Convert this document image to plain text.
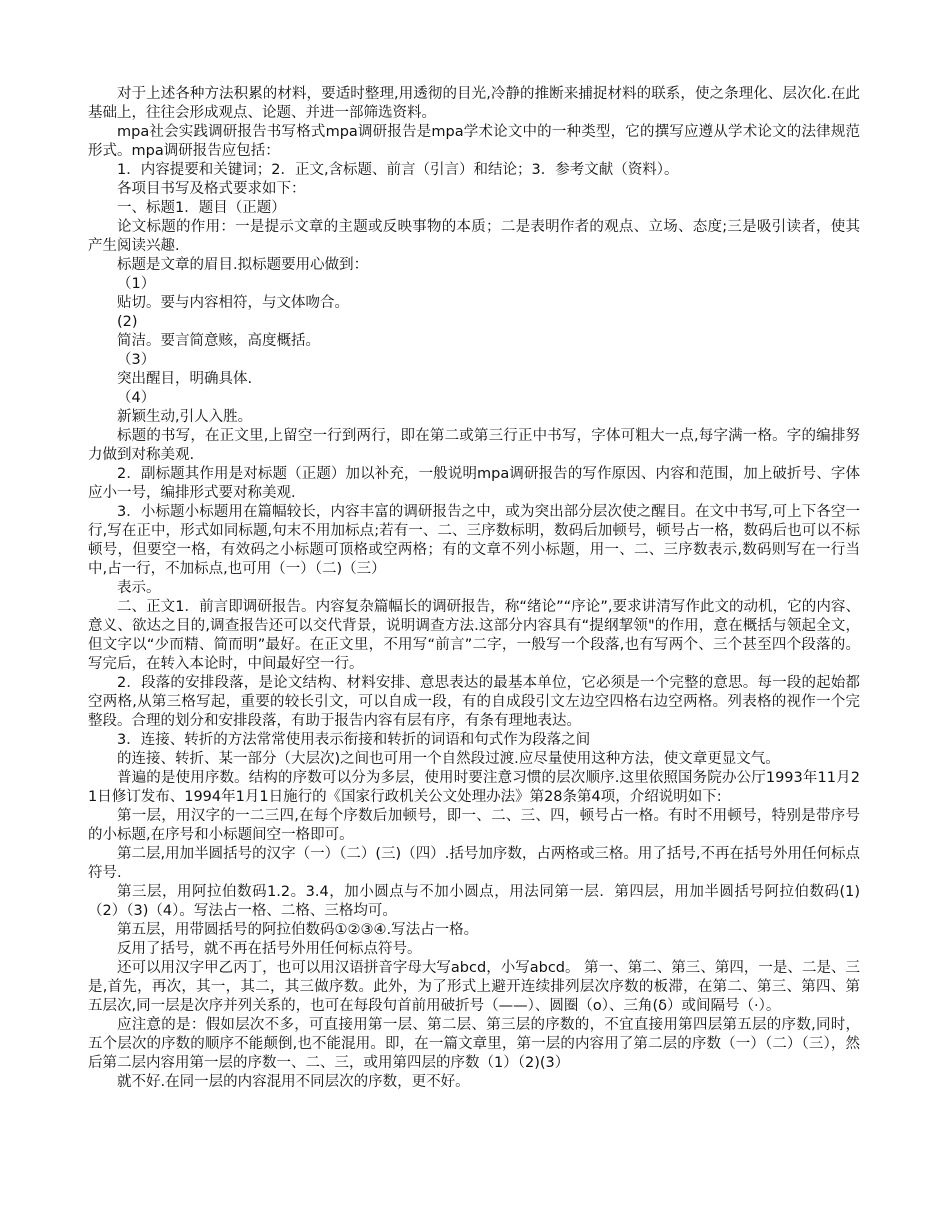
对于上述各种方法积累的材料，要适时整理,用透彻的目光,冷静的推断来捕捉材料的联系，使之条理化、层次化.在此基础上，往往会形成观点、论题、并进一部筛选资料。

mpa社会实践调研报告书写格式mpa调研报告是mpa学术论文中的一种类型，它的撰写应遵从学术论文的法律规范形式。mpa调研报告应包括：

1．内容提要和关键词；2．正文,含标题、前言（引言）和结论；3．参考文献（资料）。

各项目书写及格式要求如下：

一、标题1．题目（正题）

论文标题的作用：一是提示文章的主题或反映事物的本质；二是表明作者的观点、立场、态度;三是吸引读者，使其产生阅读兴趣.

标题是文章的眉目.拟标题要用心做到：

（1）

贴切。要与内容相符，与文体吻合。

(2)

简洁。要言简意赅，高度概括。

（3）

突出醒目，明确具体.

（4）

新颖生动,引人入胜。

标题的书写，在正文里,上留空一行到两行，即在第二或第三行正中书写，字体可粗大一点,每字满一格。字的编排努力做到对称美观.

2．副标题其作用是对标题（正题）加以补充，一般说明mpa调研报告的写作原因、内容和范围，加上破折号、字体应小一号，编排形式要对称美观.

3．小标题小标题用在篇幅较长，内容丰富的调研报告之中，或为突出部分层次使之醒目。在文中书写,可上下各空一行,写在正中，形式如同标题,句末不用加标点;若有一、二、三序数标明，数码后加顿号，顿号占一格，数码后也可以不标顿号，但要空一格，有效码之小标题可顶格或空两格；有的文章不列小标题，用一、二、三序数表示,数码则写在一行当中,占一行，不加标点,也可用（一）（二)（三）

表示。

二、正文1．前言即调研报告。内容复杂篇幅长的调研报告，称“绪论”“序论”,要求讲清写作此文的动机，它的内容、意义、欲达之目的,调查报告还可以交代背景，说明调查方法.这部分内容具有“提纲挈领"的作用，意在概括与领起全文，但文字以“少而精、简而明”最好。在正文里，不用写“前言”二字，一般写一个段落,也有写两个、三个甚至四个段落的。写完后，在转入本论时，中间最好空一行。

2．段落的安排段落，是论文结构、材料安排、意思表达的最基本单位，它必须是一个完整的意思。每一段的起始都空两格,从第三格写起，重要的较长引文，可以自成一段，有的自成段引文左边空四格右边空两格。列表格的视作一个完整段。合理的划分和安排段落，有助于报告内容有层有序，有条有理地表达。

3．连接、转折的方法常常使用表示衔接和转折的词语和句式作为段落之间

的连接、转折、某一部分（大层次)之间也可用一个自然段过渡.应尽量使用这种方法，使文章更显文气。

普遍的是使用序数。结构的序数可以分为多层，使用时要注意习惯的层次顺序.这里依照国务院办公厅1993年11月21日修订发布、1994年1月1日施行的《国家行政机关公文处理办法》第28条第4项，介绍说明如下:

第一层，用汉字的一二三四,在每个序数后加顿号，即一、二、三、四，顿号占一格。有时不用顿号，特别是带序号的小标题,在序号和小标题间空一格即可。

第二层,用加半圆括号的汉字（一）（二）(三)（四）.括号加序数，占两格或三格。用了括号,不再在括号外用任何标点符号.

第三层，用阿拉伯数码1.2。3.4，加小圆点与不加小圆点，用法同第一层．第四层，用加半圆括号阿拉伯数码(1)（2）（3)（4）。写法占一格、二格、三格均可。

第五层，用带圆括号的阿拉伯数码①②③④.写法占一格。

反用了括号，就不再在括号外用任何标点符号。

还可以用汉字甲乙丙丁，也可以用汉语拼音字母大写abcd，小写abcd。 第一、第二、第三、第四，一是、二是、三是,首先，再次，其一，其二，其三做序数。此外，为了形式上避开连续排列层次序数的板滞，在第二、第三、第四、第五层次,同一层是次序并列关系的，也可在每段句首前用破折号（——）、圆圈（o）、三角(δ）或间隔号（·）。

应注意的是：假如层次不多，可直接用第一层、第二层、第三层的序数的，不宜直接用第四层第五层的序数,同时，五个层次的序数的顺序不能颠倒,也不能混用。即，在一篇文章里，第一层的内容用了第二层的序数（一）（二）（三），然后第二层内容用第一层的序数一、二、三，或用第四层的序数（1）（2)(3）

就不好.在同一层的内容混用不同层次的序数，更不好。
